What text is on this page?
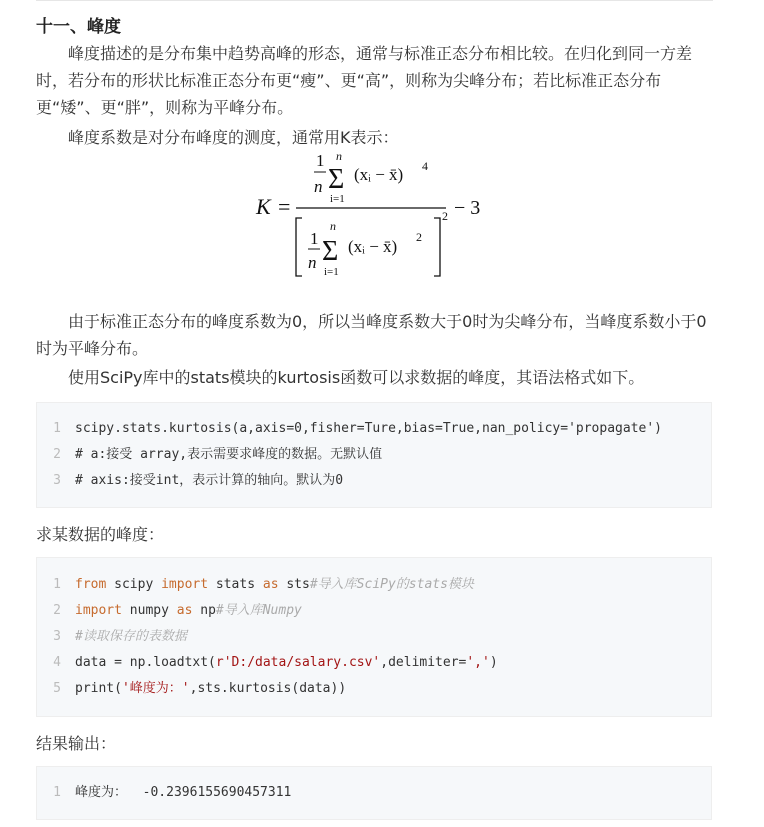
十一、峰度

峰度描述的是分布集中趋势高峰的形态，通常与标准正态分布相比较。在归化到同一方差时，若分布的形状比标准正态分布更“瘦”、更“高”，则称为尖峰分布；若比标准正态分布更“矮”、更“胖”，则称为平峰分布。

峰度系数是对分布峰度的测度，通常用K表示：

K =
1
n
n
Σ
i=1
(xᵢ − x̄) 4
1
n
n
Σ
i=1
(xᵢ − x̄) 2
2 − 3

由于标准正态分布的峰度系数为0，所以当峰度系数大于0时为尖峰分布，当峰度系数小于0时为平峰分布。

使用SciPy库中的stats模块的kurtosis函数可以求数据的峰度，其语法格式如下。

1 scipy.stats.kurtosis(a,axis=0,fisher=Ture,bias=True,nan_policy='propagate')
2 # a:接受 array,表示需要求峰度的数据。无默认值
3 # axis:接受int，表示计算的轴向。默认为0
求某数据的峰度：
1 from scipy import stats as sts#导入库SciPy的stats模块
2 import numpy as np#导入库Numpy
3 #读取保存的表数据
4 data = np.loadtxt(r'D:/data/salary.csv',delimiter=',')
5 print('峰度为：',sts.kurtosis(data))
结果输出：
1 峰度为：  -0.2396155690457311
